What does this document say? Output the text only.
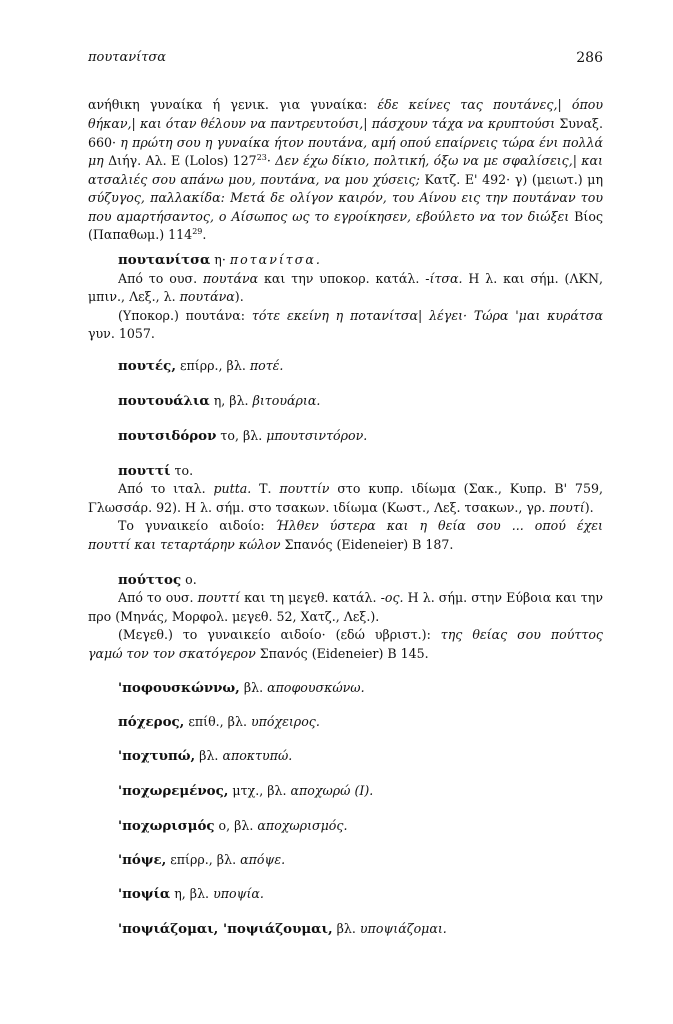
πουτανίτσα	286
ανήθικη γυναίκα ή γενικ. για γυναίκα: έδε κείνες τας πουτάνες,| όπου
θήκαν,| και όταν θέλουν να παντρευτούσι,| πάσχουν τάχα να κρυπτούσι Συναξ.
660· η πρώτη σου η γυναίκα ήτον πουτάνα, αμή οπού επαίρνεις τώρα ένι πολλά
μη Διήγ. Αλ. Ε (Lolos) $127^{23}\cdot \Delta\varepsilon\nu$ έχω δίκιο, πολτική, όξω να με σφαλίσεις,| και
ατσαλιές σου απάνω μου, πουτάνα, να μου χύσεις; Κατζ. Ε' 492· γ) (μειωτ.) μη
σύζυγος, παλλακίδα: Μετά δε ολίγον καιρόν, του Αίνου εις την πουτάναν του
που αμαρτήσαντος, ο Αίσωπος ως το εγροίκησεν, εβούλετο να τον διώξει Βίος
(Παπαθωμ.) $114^{29}$.
πουτανίτσα η· ποτανίτσα.
Από το ουσ. πουτάνα και την υποκορ. κατάλ. -ίτσα. Η λ. και σήμ. (ΛΚΝ,
μπιν., Λεξ., λ. πουτάνα).
(Υποκορ.) πουτάνα: τότε εκείνη η ποτανίτσα| λέγει· Τώρα 'μαι κυράτσα
γυν. 1057.
πουτές, επίρρ., βλ. ποτέ.
πουτουάλια η, βλ. βιτουάρια.
πουτσιδόρον το, βλ. μπουτσιντόρον.
πουττί το.
Από το ιταλ. putta. Τ. πουττίν στο κυπρ. ιδίωμα (Σακ., Κυπρ. Β' 759,
Γλωσσάρ. 92). Η λ. σήμ. στο τσακων. ιδίωμα (Κωστ., Λεξ. τσακων., γρ. πουτί).
Το γυναικείο αιδοίο: Ήλθεν ύστερα και η θεία σου ... οπού έχει
πουττί και τεταρτάρην κώλον Σπανός (Eideneier) Β 187.
πούττος ο.
Από το ουσ. πουττί και τη μεγεθ. κατάλ. -ος. Η λ. σήμ. στην Εύβοια και την
προ (Μηνάς, Μορφολ. μεγεθ. 52, Χατζ., Λεξ.).
(Μεγεθ.) το γυναικείο αιδοίο· (εδώ υβριστ.): της θείας σου πούττος
γαμώ τον τον σκατόγερον Σπανός (Eideneier) Β 145.
'ποφουσκώννω, βλ. αποφουσκώνω.
πόχερος, επίθ., βλ. υπόχειρος.
'ποχτυπώ, βλ. αποκτυπώ.
'ποχωρεμένος, μτχ., βλ. αποχωρώ (Ι).
'ποχωρισμός ο, βλ. αποχωρισμός.
'πόψε, επίρρ., βλ. απόψε.
'ποψία η, βλ. υποψία.
'ποψιάζομαι, 'ποψιάζουμαι, βλ. υποψιάζομαι.
